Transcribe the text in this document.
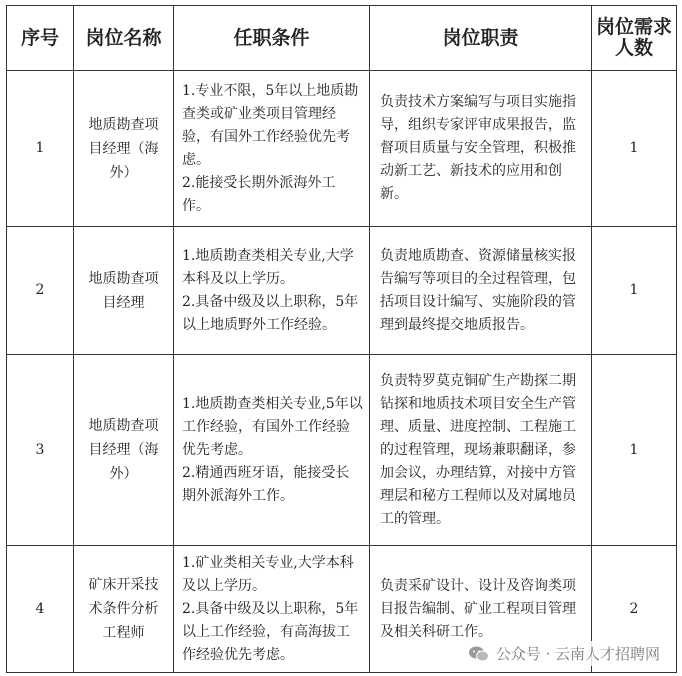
序号	岗位名称	任职条件	岗位职责	岗位需求人数
1	地质勘查项目经理（海外）	1.专业不限，5年以上地质勘查类或矿业类项目管理经验，有国外工作经验优先考虑。
2.能接受长期外派海外工作。	负责技术方案编写与项目实施指导，组织专家评审成果报告，监督项目质量与安全管理，积极推动新工艺、新技术的应用和创新。	1
2	地质勘查项目经理	1.地质勘查类相关专业,大学本科及以上学历。
2.具备中级及以上职称，5年以上地质野外工作经验。	负责地质勘查、资源储量核实报告编写等项目的全过程管理，包括项目设计编写、实施阶段的管理到最终提交地质报告。	1
3	地质勘查项目经理（海外）	1.地质勘查类相关专业,5年以工作经验，有国外工作经验优先考虑。
2.精通西班牙语，能接受长期外派海外工作。	负责特罗莫克铜矿生产勘探二期钻探和地质技术项目安全生产管理、质量、进度控制、工程施工的过程管理，现场兼职翻译，参加会议，办理结算，对接中方管理层和秘方工程师以及对属地员工的管理。	1
4	矿床开采技术条件分析工程师	1.矿业类相关专业,大学本科及以上学历。
2.具备中级及以上职称，5年以上工作经验，有高海拔工作经验优先考虑。	负责采矿设计、设计及咨询类项目报告编制、矿业工程项目管理及相关科研工作。	2
公众号 · 云南人才招聘网
